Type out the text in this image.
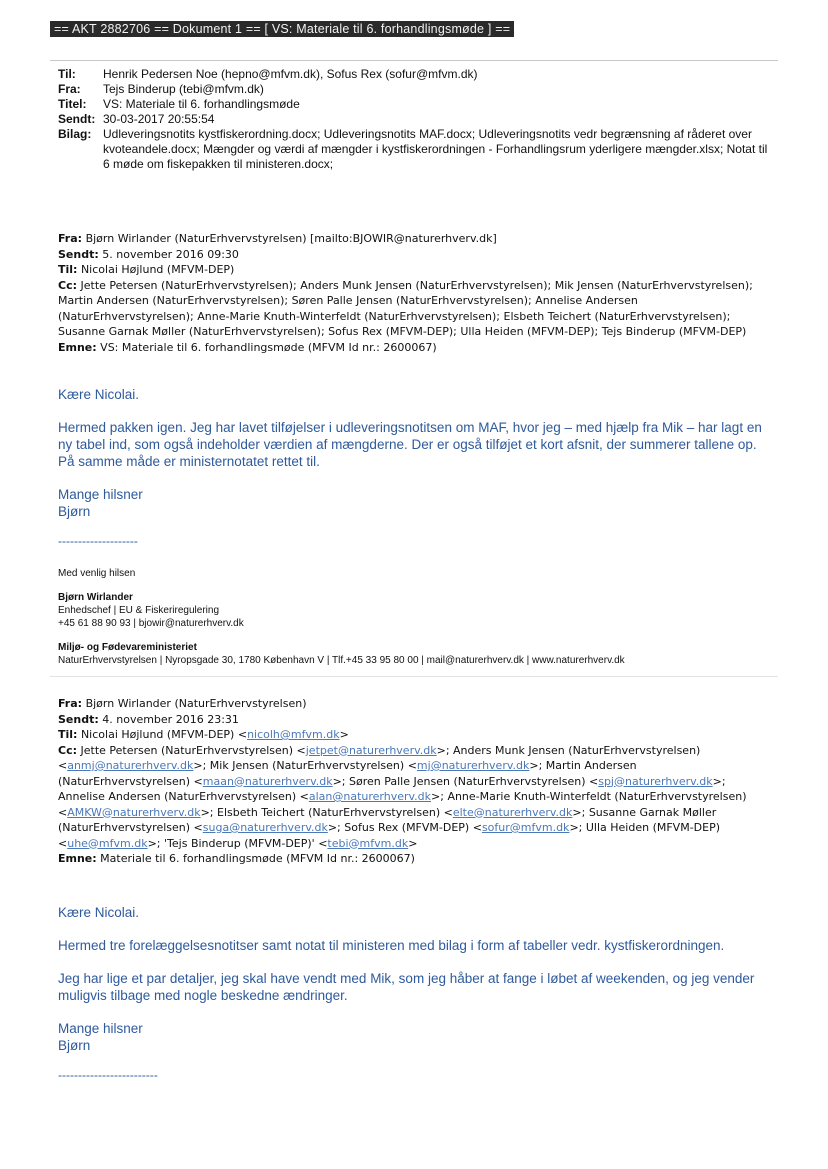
== AKT 2882706 == Dokument 1 == [ VS: Materiale til 6. forhandlingsmøde ] ==
Til:	Henrik Pedersen Noe (hepno@mfvm.dk), Sofus Rex (sofur@mfvm.dk)
Fra:	Tejs Binderup (tebi@mfvm.dk)
Titel:	VS: Materiale til 6. forhandlingsmøde
Sendt: 30-03-2017 20:55:54
Bilag: Udleveringsnotits kystfiskerordning.docx; Udleveringsnotits MAF.docx; Udleveringsnotits vedr begrænsning af råderet over kvoteandele.docx; Mængder og værdi af mængder i kystfiskerordningen - Forhandlingsrum yderligere mængder.xlsx; Notat til 6 møde om fiskepakken til ministeren.docx;
Fra: Bjørn Wirlander (NaturErhvervstyrelsen) [mailto:BJOWIR@naturerhverv.dk]
Sendt: 5. november 2016 09:30
Til: Nicolai Højlund (MFVM-DEP)
Cc: Jette Petersen (NaturErhvervstyrelsen); Anders Munk Jensen (NaturErhvervstyrelsen); Mik Jensen (NaturErhvervstyrelsen); Martin Andersen (NaturErhvervstyrelsen); Søren Palle Jensen (NaturErhvervstyrelsen); Annelise Andersen (NaturErhvervstyrelsen); Anne-Marie Knuth-Winterfeldt (NaturErhvervstyrelsen); Elsbeth Teichert (NaturErhvervstyrelsen); Susanne Garnak Møller (NaturErhvervstyrelsen); Sofus Rex (MFVM-DEP); Ulla Heiden (MFVM-DEP); Tejs Binderup (MFVM-DEP)
Emne: VS: Materiale til 6. forhandlingsmøde (MFVM Id nr.: 2600067)

Kære Nicolai.

Hermed pakken igen. Jeg har lavet tilføjelser i udleveringsnotitsen om MAF, hvor jeg – med hjælp fra Mik – har lagt en ny tabel ind, som også indeholder værdien af mængderne. Der er også tilføjet et kort afsnit, der summerer tallene op. På samme måde er ministernotatet rettet til.

Mange hilsner

Bjørn

--------------------
Med venlig hilsen
Bjørn Wirlander
Enhedschef | EU & Fiskeriregulering
+45 61 88 90 93 | bjowir@naturerhverv.dk
Miljø- og Fødevareministeriet
NaturErhvervstyrelsen | Nyropsgade 30, 1780 København V | Tlf.+45 33 95 80 00 | mail@naturerhverv.dk | www.naturerhverv.dk
Fra: Bjørn Wirlander (NaturErhvervstyrelsen)
Sendt: 4. november 2016 23:31
Til: Nicolai Højlund (MFVM-DEP) <nicolh@mfvm.dk>
Cc: Jette Petersen (NaturErhvervstyrelsen) <jetpet@naturerhverv.dk>; Anders Munk Jensen (NaturErhvervstyrelsen) <anmj@naturerhverv.dk>; Mik Jensen (NaturErhvervstyrelsen) <mj@naturerhverv.dk>; Martin Andersen (NaturErhvervstyrelsen) <maan@naturerhverv.dk>; Søren Palle Jensen (NaturErhvervstyrelsen) <spj@naturerhverv.dk>; Annelise Andersen (NaturErhvervstyrelsen) <alan@naturerhverv.dk>; Anne-Marie Knuth-Winterfeldt (NaturErhvervstyrelsen) <AMKW@naturerhverv.dk>; Elsbeth Teichert (NaturErhvervstyrelsen) <elte@naturerhverv.dk>; Susanne Garnak Møller (NaturErhvervstyrelsen) <suga@naturerhverv.dk>; Sofus Rex (MFVM-DEP) <sofur@mfvm.dk>; Ulla Heiden (MFVM-DEP) <uhe@mfvm.dk>; 'Tejs Binderup (MFVM-DEP)' <tebi@mfvm.dk>
Emne: Materiale til 6. forhandlingsmøde (MFVM Id nr.: 2600067)

Kære Nicolai.

Hermed tre forelæggelsesnotitser samt notat til ministeren med bilag i form af tabeller vedr. kystfiskerordningen.

Jeg har lige et par detaljer, jeg skal have vendt med Mik, som jeg håber at fange i løbet af weekenden, og jeg vender muligvis tilbage med nogle beskedne ændringer.

Mange hilsner

Bjørn

-------------------------
